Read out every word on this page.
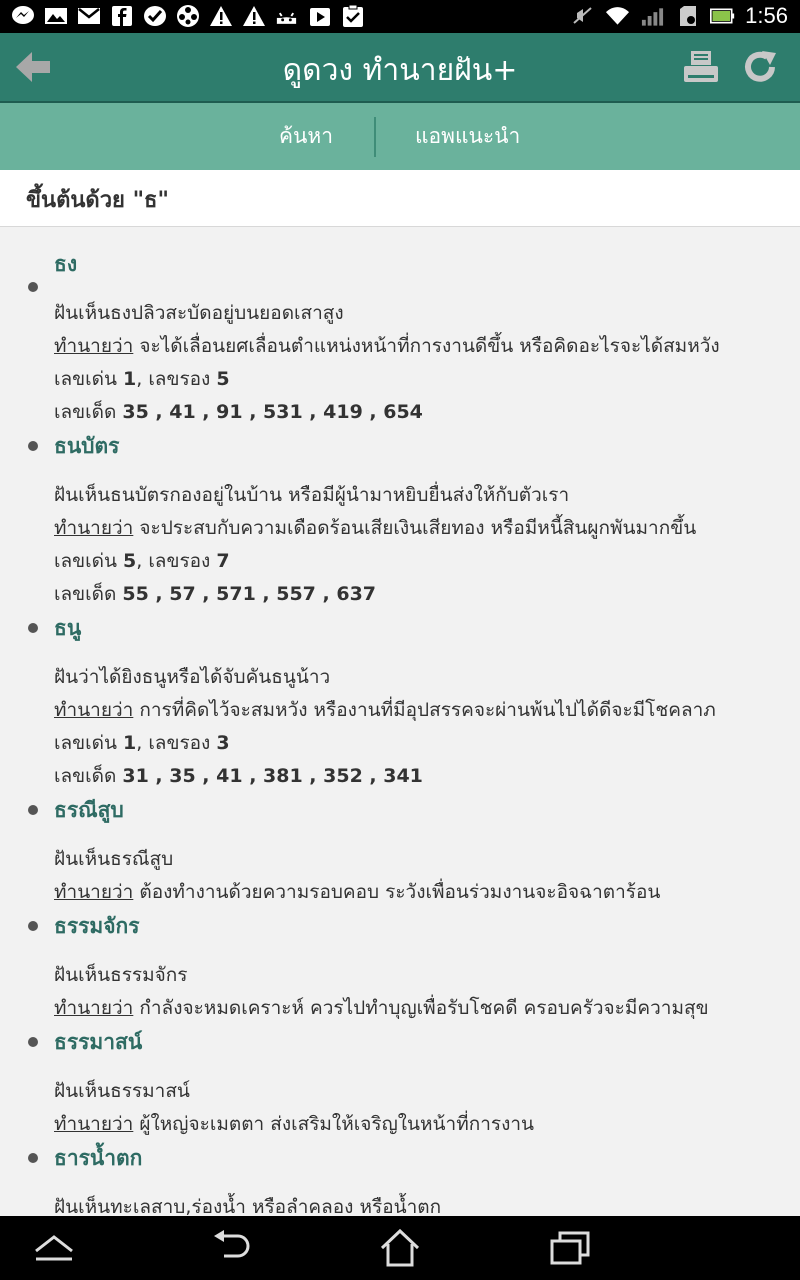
1:56
ดูดวง ทำนายฝัน+
ค้นหา	แอพแนะนำ
ขึ้นต้นด้วย "ธ"
ธง
ฝันเห็นธงปลิวสะบัดอยู่บนยอดเสาสูง
ทำนายว่า จะได้เลื่อนยศเลื่อนตำแหน่งหน้าที่การงานดีขึ้น หรือคิดอะไรจะได้สมหวัง
เลขเด่น 1, เลขรอง 5
เลขเด็ด 35 , 41 , 91 , 531 , 419 , 654
ธนบัตร
ฝันเห็นธนบัตรกองอยู่ในบ้าน หรือมีผู้นำมาหยิบยื่นส่งให้กับตัวเรา
ทำนายว่า จะประสบกับความเดือดร้อนเสียเงินเสียทอง หรือมีหนี้สินผูกพันมากขึ้น
เลขเด่น 5, เลขรอง 7
เลขเด็ด 55 , 57 , 571 , 557 , 637
ธนู
ฝันว่าได้ยิงธนูหรือได้จับคันธนูน้าว
ทำนายว่า การที่คิดไว้จะสมหวัง หรืองานที่มีอุปสรรคจะผ่านพ้นไปได้ดีจะมีโชคลาภ
เลขเด่น 1, เลขรอง 3
เลขเด็ด 31 , 35 , 41 , 381 , 352 , 341
ธรณีสูบ
ฝันเห็นธรณีสูบ
ทำนายว่า ต้องทำงานด้วยความรอบคอบ ระวังเพื่อนร่วมงานจะอิจฉาตาร้อน
ธรรมจักร
ฝันเห็นธรรมจักร
ทำนายว่า กำลังจะหมดเคราะห์ ควรไปทำบุญเพื่อรับโชคดี ครอบครัวจะมีความสุข
ธรรมาสน์
ฝันเห็นธรรมาสน์
ทำนายว่า ผู้ใหญ่จะเมตตา ส่งเสริมให้เจริญในหน้าที่การงาน
ธารน้ำตก
ฝันเห็นทะเลสาบ,ร่องน้ำ หรือลำคลอง หรือน้ำตก
